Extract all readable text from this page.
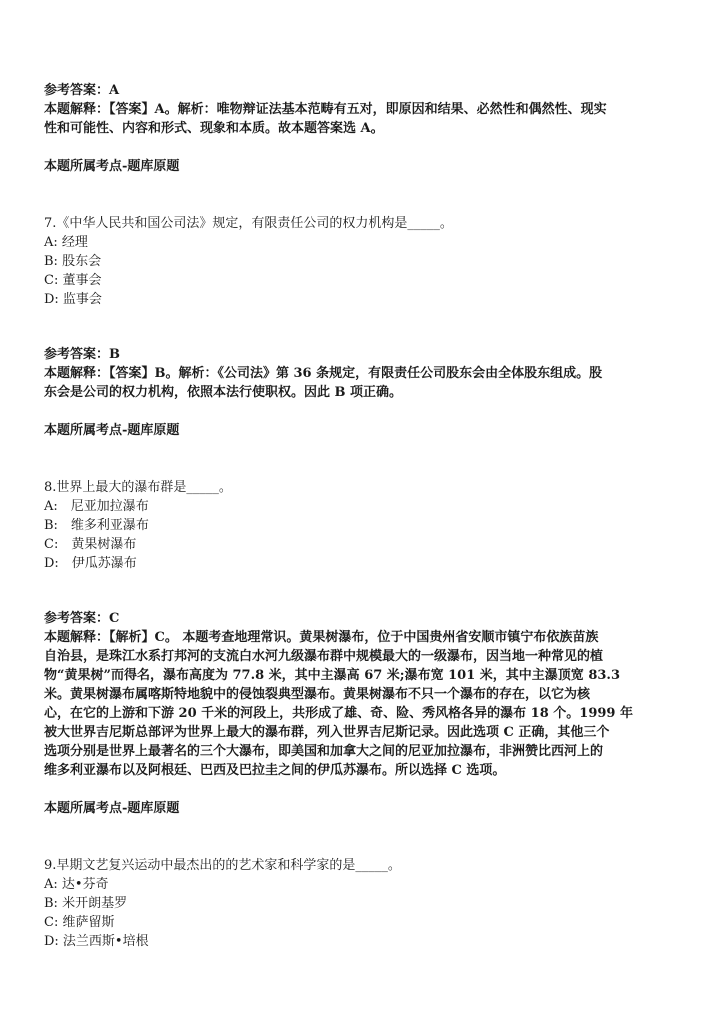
参考答案：A
本题解释：【答案】A。解析：唯物辩证法基本范畴有五对，即原因和结果、必然性和偶然性、现实
性和可能性、内容和形式、现象和本质。故本题答案选 A。
本题所属考点-题库原题
7.《中华人民共和国公司法》规定，有限责任公司的权力机构是_____。
A: 经理
B: 股东会
C: 董事会
D: 监事会
参考答案：B
本题解释：【答案】B。解析：《公司法》第 36 条规定，有限责任公司股东会由全体股东组成。股
东会是公司的权力机构，依照本法行使职权。因此 B 项正确。
本题所属考点-题库原题
8.世界上最大的瀑布群是_____。
A:　尼亚加拉瀑布
B:　维多利亚瀑布
C:　黄果树瀑布
D:　伊瓜苏瀑布
参考答案：C
本题解释：【解析】C。 本题考查地理常识。黄果树瀑布，位于中国贵州省安顺市镇宁布依族苗族
自治县，是珠江水系打邦河的支流白水河九级瀑布群中规模最大的一级瀑布，因当地一种常见的植
物“黄果树”而得名，瀑布高度为 77.8 米，其中主瀑高 67 米;瀑布宽 101 米，其中主瀑顶宽 83.3
米。黄果树瀑布属喀斯特地貌中的侵蚀裂典型瀑布。黄果树瀑布不只一个瀑布的存在，以它为核
心，在它的上游和下游 20 千米的河段上，共形成了雄、奇、险、秀风格各异的瀑布 18 个。1999 年
被大世界吉尼斯总部评为世界上最大的瀑布群，列入世界吉尼斯记录。因此选项 C 正确，其他三个
选项分别是世界上最著名的三个大瀑布，即美国和加拿大之间的尼亚加拉瀑布，非洲赞比西河上的
维多利亚瀑布以及阿根廷、巴西及巴拉圭之间的伊瓜苏瀑布。所以选择 C 选项。
本题所属考点-题库原题
9.早期文艺复兴运动中最杰出的的艺术家和科学家的是_____。
A: 达•芬奇
B: 米开朗基罗
C: 维萨留斯
D: 法兰西斯•培根
